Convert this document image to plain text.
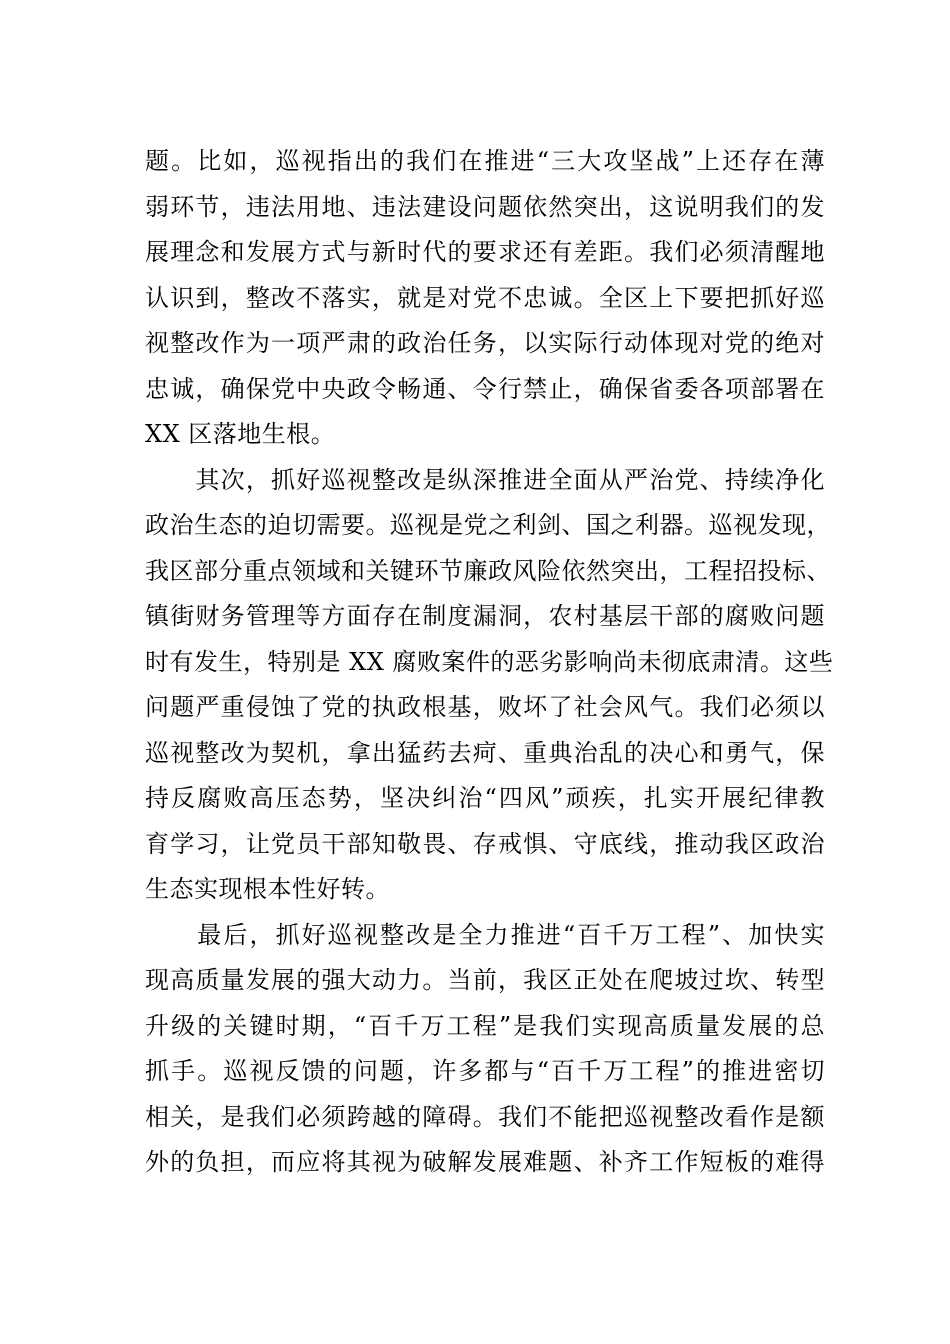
题。比如，巡视指出的我们在推进“三大攻坚战”上还存在薄
弱环节，违法用地、违法建设问题依然突出，这说明我们的发
展理念和发展方式与新时代的要求还有差距。我们必须清醒地
认识到，整改不落实，就是对党不忠诚。全区上下要把抓好巡
视整改作为一项严肃的政治任务，以实际行动体现对党的绝对
忠诚，确保党中央政令畅通、令行禁止，确保省委各项部署在
XX 区落地生根。
　　其次，抓好巡视整改是纵深推进全面从严治党、持续净化
政治生态的迫切需要。巡视是党之利剑、国之利器。巡视发现，
我区部分重点领域和关键环节廉政风险依然突出，工程招投标、
镇街财务管理等方面存在制度漏洞，农村基层干部的腐败问题
时有发生，特别是 XX 腐败案件的恶劣影响尚未彻底肃清。这些
问题严重侵蚀了党的执政根基，败坏了社会风气。我们必须以
巡视整改为契机，拿出猛药去疴、重典治乱的决心和勇气，保
持反腐败高压态势，坚决纠治“四风”顽疾，扎实开展纪律教
育学习，让党员干部知敬畏、存戒惧、守底线，推动我区政治
生态实现根本性好转。
　　最后，抓好巡视整改是全力推进“百千万工程”、加快实
现高质量发展的强大动力。当前，我区正处在爬坡过坎、转型
升级的关键时期，“百千万工程”是我们实现高质量发展的总
抓手。巡视反馈的问题，许多都与“百千万工程”的推进密切
相关，是我们必须跨越的障碍。我们不能把巡视整改看作是额
外的负担，而应将其视为破解发展难题、补齐工作短板的难得
